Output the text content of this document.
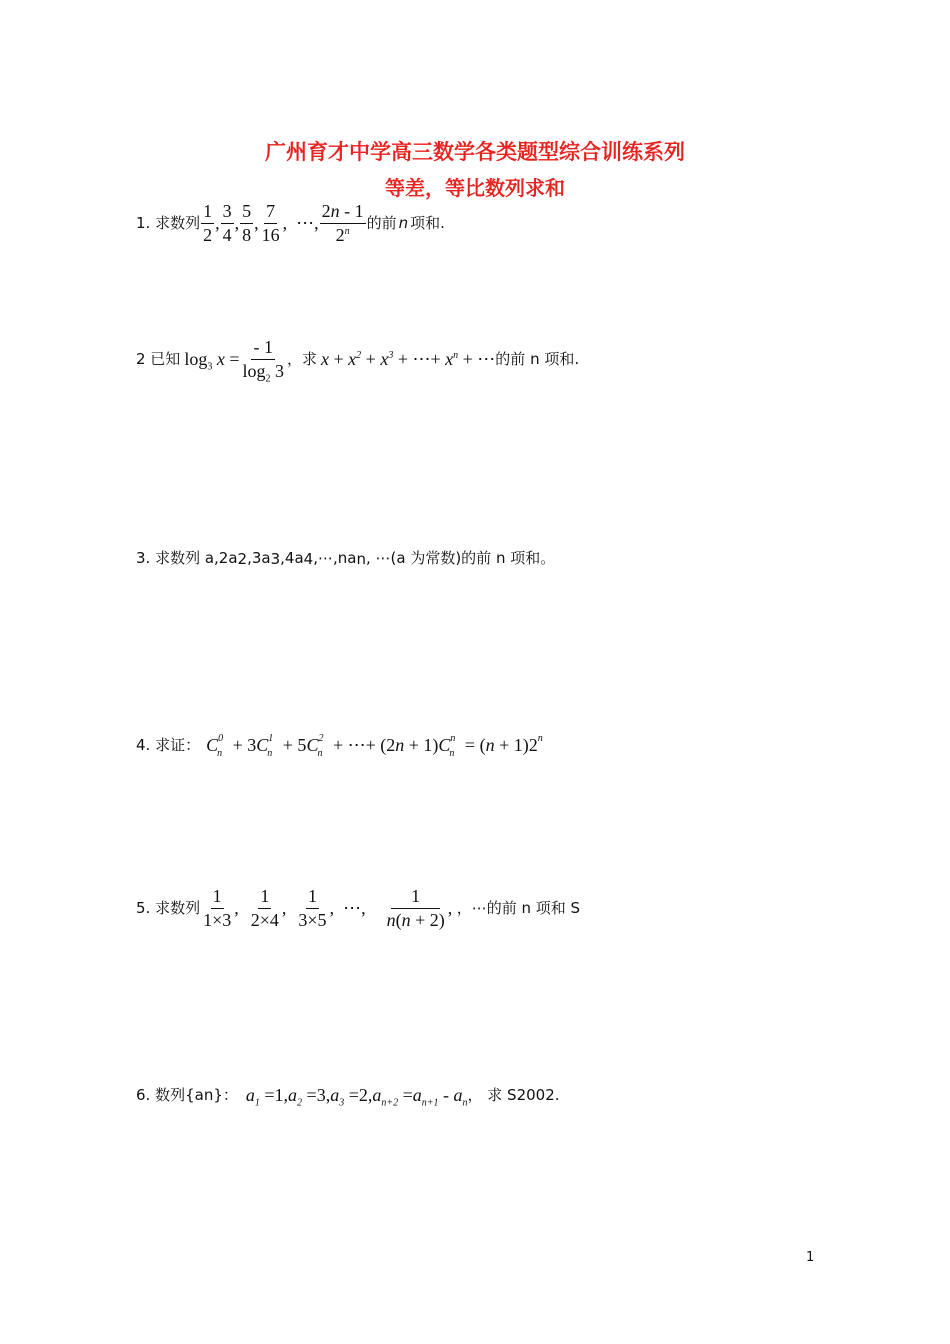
广州育才中学高三数学各类题型综合训练系列
等差，等比数列求和
1. 求数列 $\frac{1}{2}$ , $\frac{3}{4}$ , $\frac{5}{8}$ , $\frac{7}{16}$ ,  ⋯, $\frac{2n - 1}{2^n}$ 的前 n 项和.
2 已知 $\log_3 x = \frac{- 1}{\log_2 3}$ ，求 $x + x^2 + x^3$ + ⋯+ $x^n$ + ⋯ 的前 n 项和.
3. 求数列 a,2a 2 ,3a 3 ,4a 4 ,⋯,na n , ⋯(a 为常数)的前 n 项和。
4. 求证： $C^0_n + 3$ $C^1_n + 5$ $C^2_n$ + ⋯+ (2 n + 1) $C^n_n$ = ( n + 1)2 $^n$
5. 求数列 $\frac{1}{1\times 3}$ , $\frac{1}{2\times 4}$ , $\frac{1}{3\times 5}$ ,  ⋯, $\frac{1}{n(n + 2)}$ , ，⋯的前 n 项和 S
6. 数列{a n }： $a_1 =1$, $a_2 =3$, $a_3 =2$, $a_{n+2} = a_{n+1} - a_n$ ， 求 S 2002 .
1
